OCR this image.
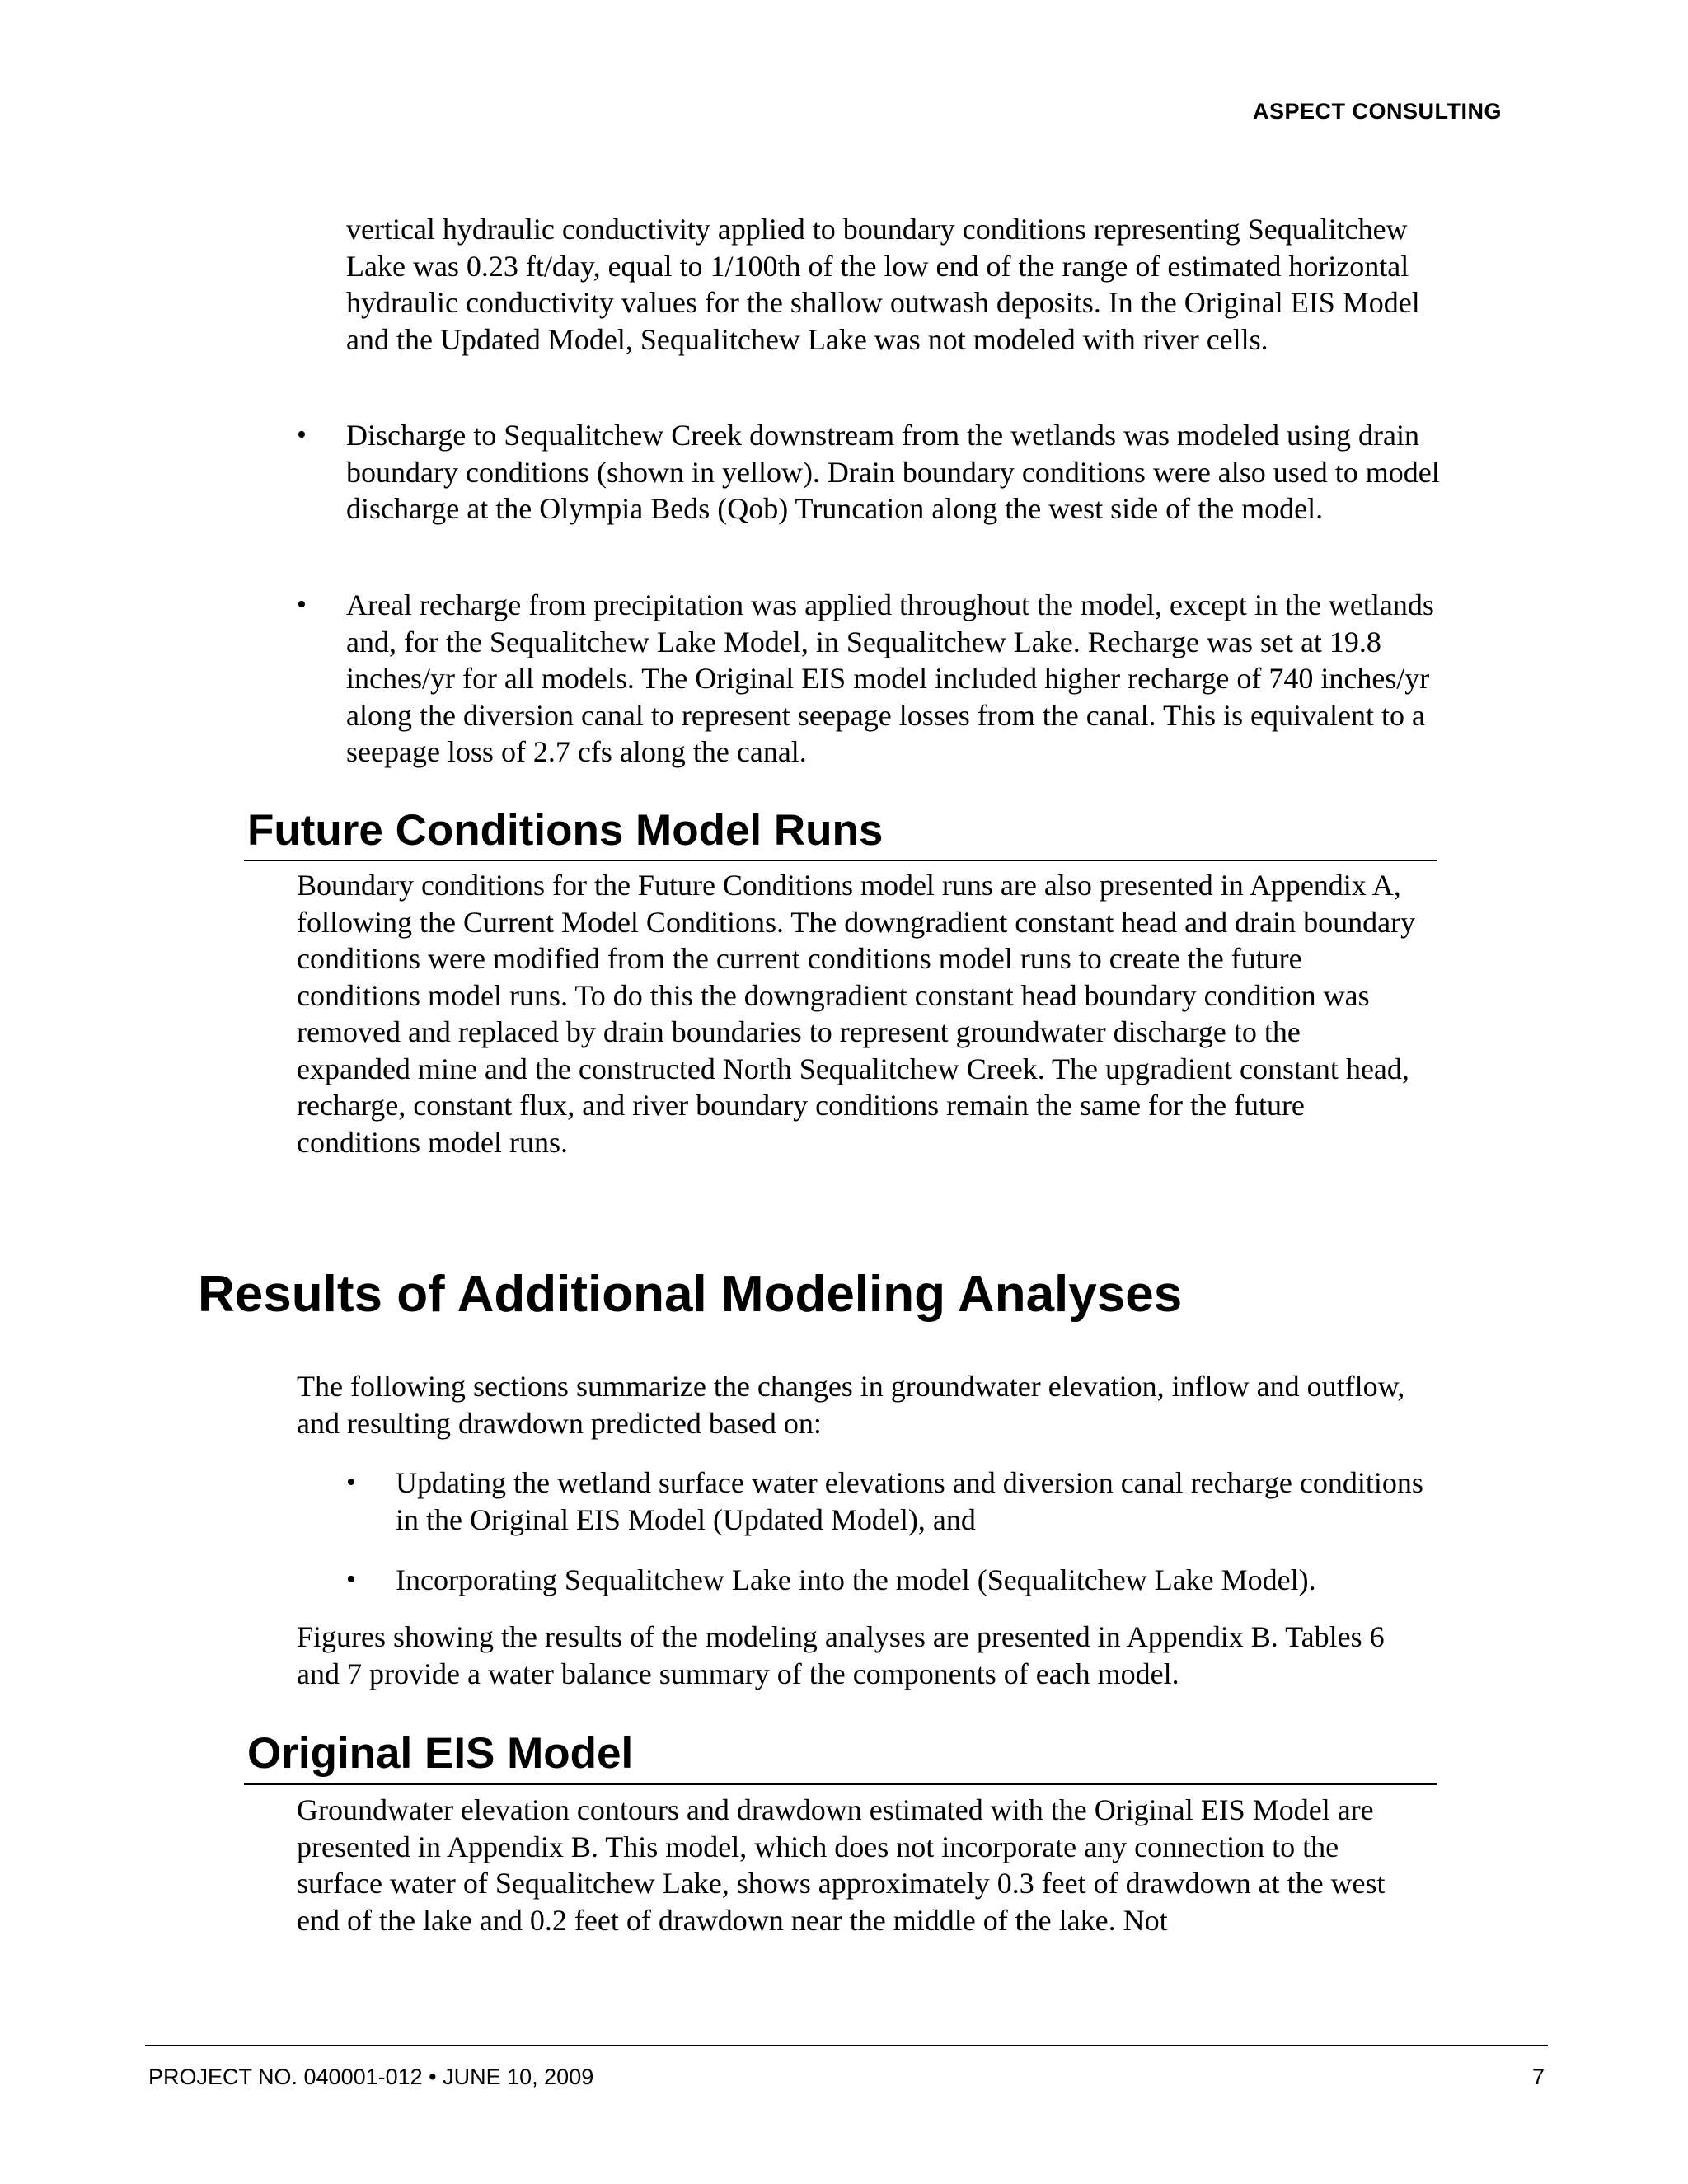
ASPECT CONSULTING

vertical hydraulic conductivity applied to boundary conditions representing Sequalitchew Lake was 0.23 ft/day, equal to 1/100th of the low end of the range of estimated horizontal hydraulic conductivity values for the shallow outwash deposits. In the Original EIS Model and the Updated Model, Sequalitchew Lake was not modeled with river cells.

• Discharge to Sequalitchew Creek downstream from the wetlands was modeled using drain boundary conditions (shown in yellow). Drain boundary conditions were also used to model discharge at the Olympia Beds (Qob) Truncation along the west side of the model.
• Areal recharge from precipitation was applied throughout the model, except in the wetlands and, for the Sequalitchew Lake Model, in Sequalitchew Lake. Recharge was set at 19.8 inches/yr for all models. The Original EIS model included higher recharge of 740 inches/yr along the diversion canal to represent seepage losses from the canal. This is equivalent to a seepage loss of 2.7 cfs along the canal.
Future Conditions Model Runs

Boundary conditions for the Future Conditions model runs are also presented in Appendix A, following the Current Model Conditions. The downgradient constant head and drain boundary conditions were modified from the current conditions model runs to create the future conditions model runs. To do this the downgradient constant head boundary condition was removed and replaced by drain boundaries to represent groundwater discharge to the expanded mine and the constructed North Sequalitchew Creek. The upgradient constant head, recharge, constant flux, and river boundary conditions remain the same for the future conditions model runs.

Results of Additional Modeling Analyses

The following sections summarize the changes in groundwater elevation, inflow and outflow, and resulting drawdown predicted based on:

• Updating the wetland surface water elevations and diversion canal recharge conditions in the Original EIS Model (Updated Model), and
• Incorporating Sequalitchew Lake into the model (Sequalitchew Lake Model).

Figures showing the results of the modeling analyses are presented in Appendix B. Tables 6 and 7 provide a water balance summary of the components of each model.

Original EIS Model

Groundwater elevation contours and drawdown estimated with the Original EIS Model are presented in Appendix B. This model, which does not incorporate any connection to the surface water of Sequalitchew Lake, shows approximately 0.3 feet of drawdown at the west end of the lake and 0.2 feet of drawdown near the middle of the lake. Not

PROJECT NO. 040001-012 • JUNE 10, 2009	7
